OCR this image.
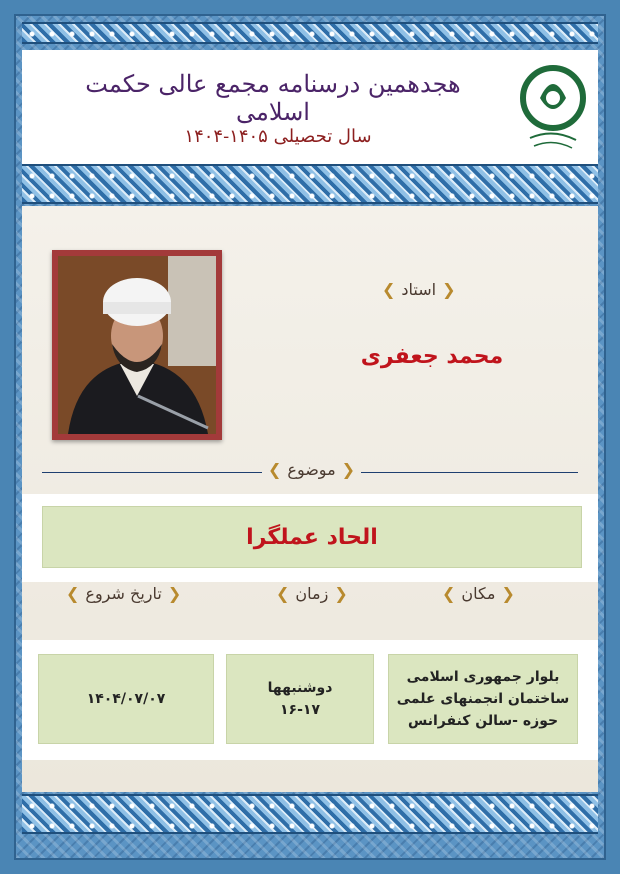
هجدهمین درسنامه مجمع عالی حکمت اسلامی
سال تحصیلی ۱۴۰۵-۱۴۰۴
❮
استاد
❯
محمد جعفری
❮
موضوع
❯
الحاد عملگرا
❮
مکان
❯
❮
زمان
❯
❮
تاریخ شروع
❯
بلوار جمهوری اسلامی
ساختمان انجمنهای علمی
حوزه -سالن کنفرانس
دوشنبهها
۱۶-۱۷
۱۴۰۴/۰۷/۰۷
